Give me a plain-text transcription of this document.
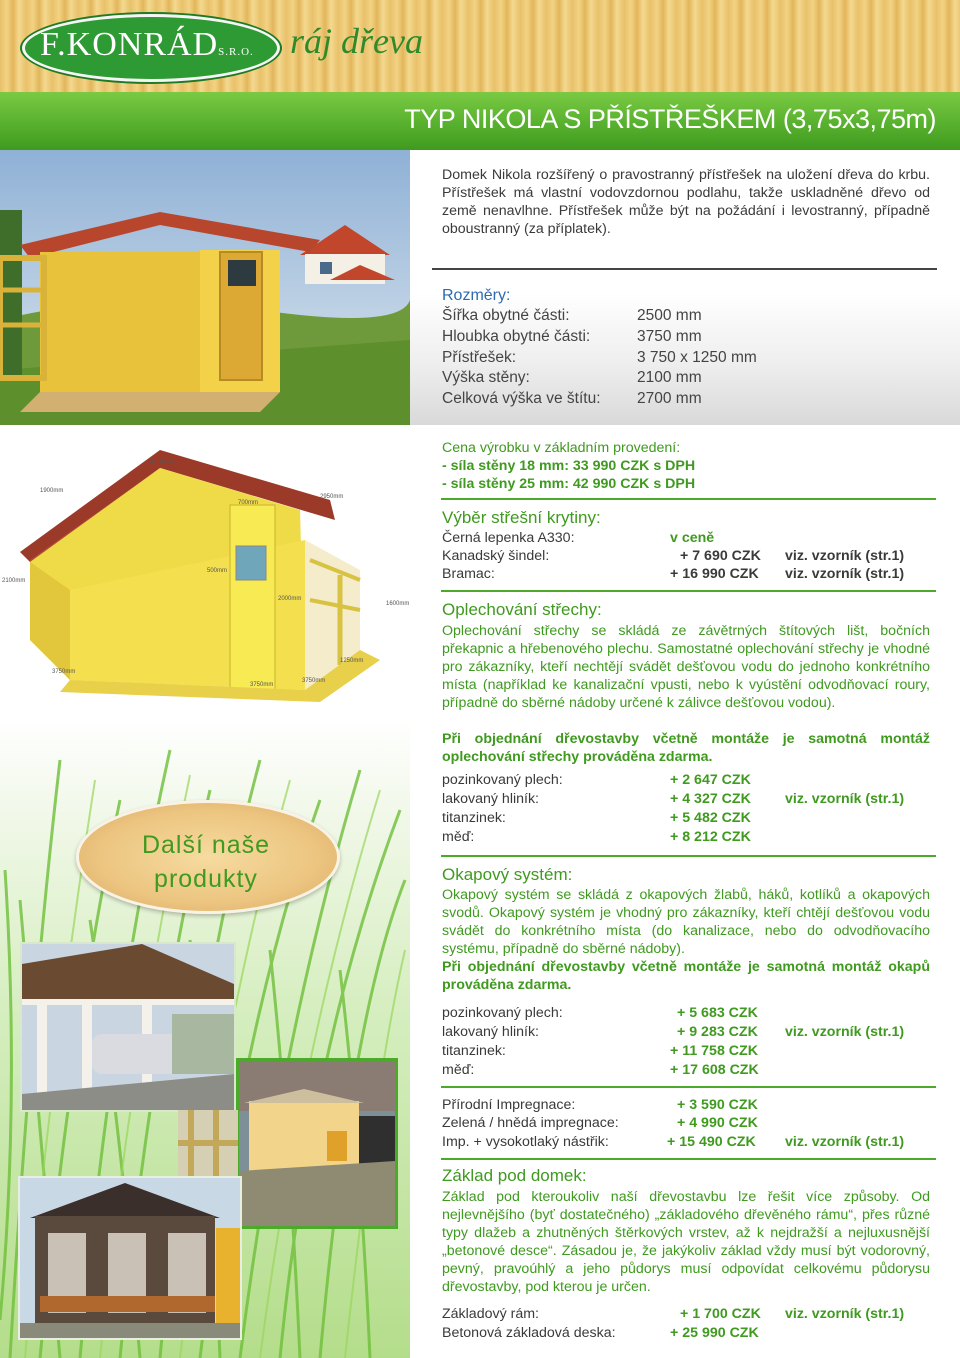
F.KONRÁDS.R.O. ráj dřeva
TYP NIKOLA S PŘÍSTŘEŠKEM (3,75x3,75m)
4150mm
1900mm
700mm
2950mm
500mm
2100mm
1600mm
3750mm
2000mm
1250mm
3750mm
3750mm
Další naše
produkty
Domek Nikola rozšířený o pravostranný přístřešek na uložení dřeva do krbu. Přístřešek má vlastní vodovzdornou podlahu, takže uskladněné dřevo od země nenavlhne. Přístřešek může být na požádání i levostranný, případně oboustranný (za příplatek).
Rozměry:
Šířka obytné části:	2500 mm
Hloubka obytné části:	3750 mm
Přístřešek:	3 750 x 1250 mm
Výška stěny:	2100 mm
Celková výška ve štítu: 2700 mm
Cena výrobku v základním provedení:
- síla stěny 18 mm: 33 990 CZK s DPH
- síla stěny 25 mm: 42 990 CZK s DPH
Výběr střešní krytiny:
Černá lepenka A330:	v ceně
Kanadský šindel:	+ 7 690 CZK viz. vzorník (str.1)
Bramac:	+ 16 990 CZK viz. vzorník (str.1)
Oplechování střechy:
Oplechování střechy se skládá ze závětrných štítových lišt, bočních překapnic a hřebenového plechu. Samostatné oplechování střechy je vhodné pro zákazníky, kteří nechtějí svádět dešťovou vodu do jednoho konkrétního místa (například ke kanalizační vpusti, nebo k vyústění odvodňovací roury, případně do sběrné nádoby určené k zálivce dešťovou vodou).
Při objednání dřevostavby včetně montáže je samotná montáž oplechování střechy prováděna zdarma.
pozinkovaný plech:	+ 2 647 CZK
lakovaný hliník:	+ 4 327 CZK viz. vzorník (str.1)
titanzinek:	+ 5 482 CZK
měď:	+ 8 212 CZK
Okapový systém:
Okapový systém se skládá z okapových žlabů, háků, kotlíků a okapových svodů. Okapový systém je vhodný pro zákazníky, kteří chtějí dešťovou vodu svádět do konkrétního místa (do kanalizace, nebo do odvodňovacího systému, případně do sběrné nádoby).
Při objednání dřevostavby včetně montáže je samotná montáž okapů prováděna zdarma.
pozinkovaný plech:	+ 5 683 CZK
lakovaný hliník:	+ 9 283 CZK viz. vzorník (str.1)
titanzinek:	+ 11 758 CZK
měď:	+ 17 608 CZK
Přírodní Impregnace:	+ 3 590 CZK
Zelená / hnědá impregnace:	+ 4 990 CZK
Imp. + vysokotlaký nástřik:	+ 15 490 CZK viz. vzorník (str.1)
Základ pod domek:
Základ pod kteroukoliv naší dřevostavbu lze řešit více způsoby. Od nejlevnějšího (byť dostatečného) „základového dřevěného rámu“, přes různé typy dlažeb a zhutněných štěrkových vrstev, až k nejdražší a nejluxusnější „betonové desce“. Zásadou je, že jakýkoliv základ vždy musí být vodorovný, pevný, pravoúhlý a jeho půdorys musí odpovídat celkovému půdorysu dřevostavby, pod kterou je určen.
Základový rám:	+ 1 700 CZK viz. vzorník (str.1)
Betonová základová deska:	+ 25 990 CZK
